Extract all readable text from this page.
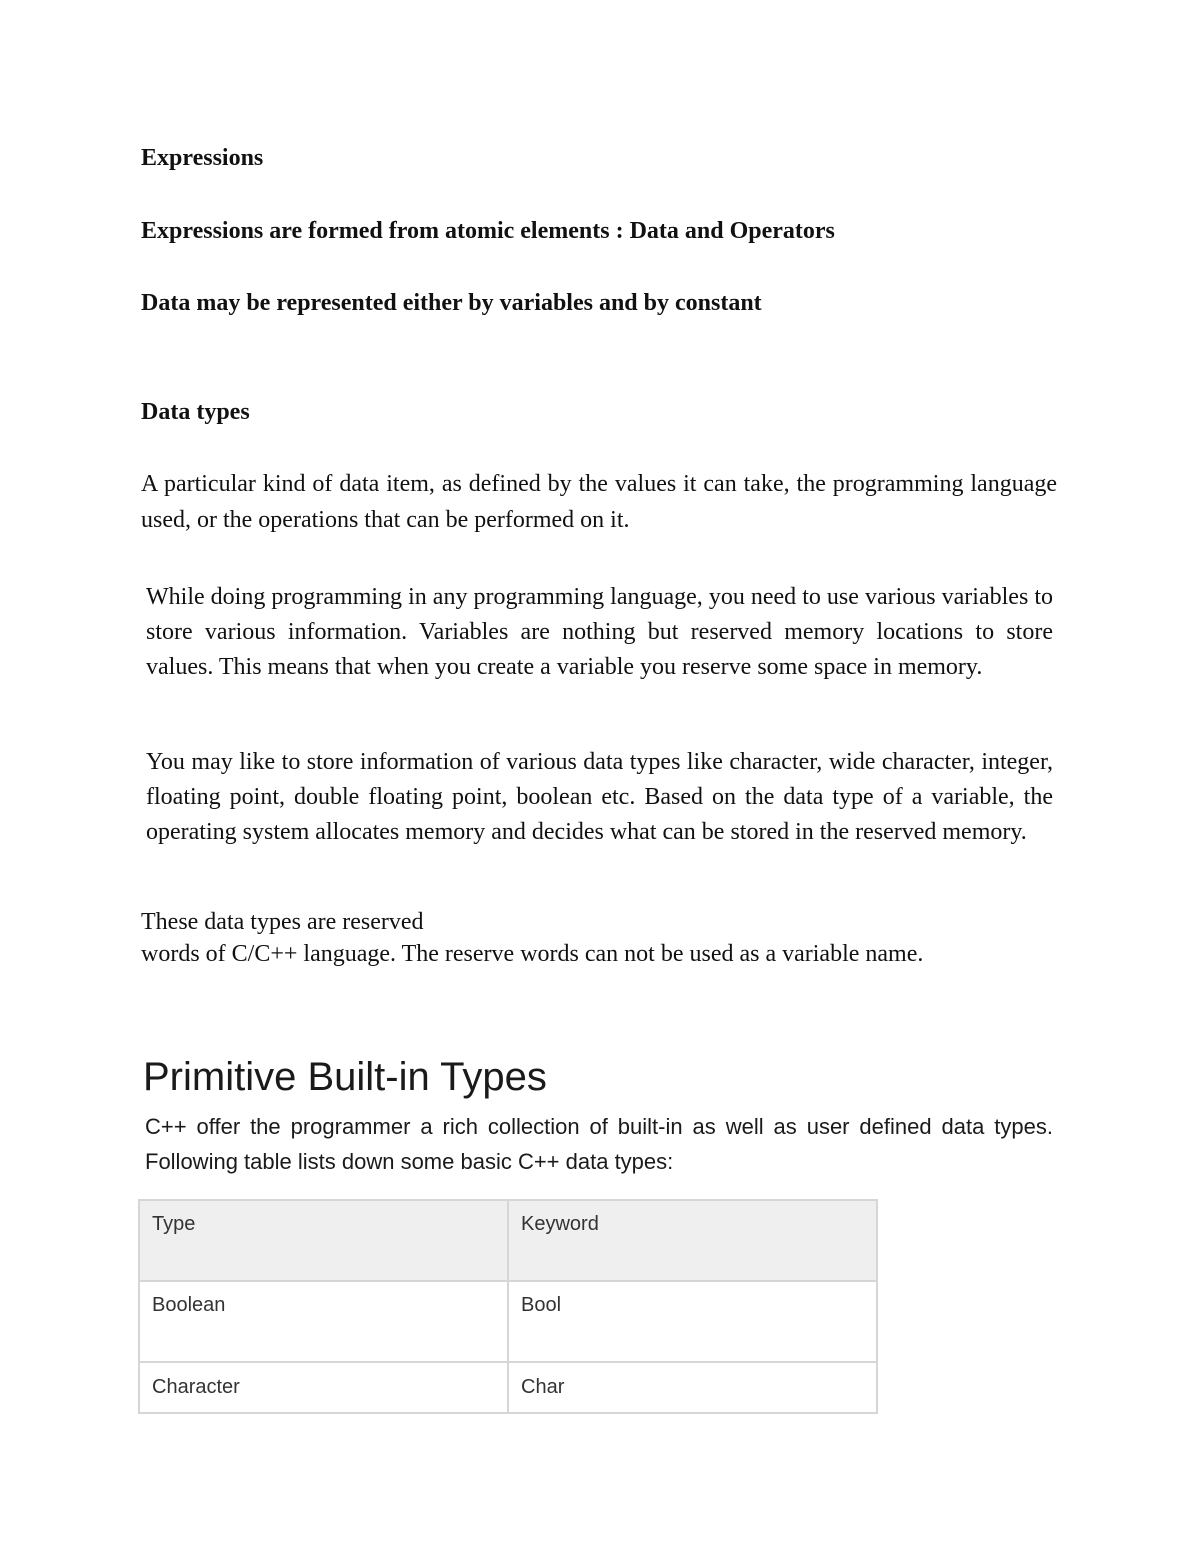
Expressions

Expressions are formed from atomic elements : Data and Operators

Data may be represented either by variables and by constant

Data types

A particular kind of data item, as defined by the values it can take, the programming language used, or the operations that can be performed on it.

While doing programming in any programming language, you need to use various variables to store various information. Variables are nothing but reserved memory locations to store values. This means that when you create a variable you reserve some space in memory.

You may like to store information of various data types like character, wide character, integer, floating point, double floating point, boolean etc. Based on the data type of a variable, the operating system allocates memory and decides what can be stored in the reserved memory.

These data types are reserved

words of C/C++ language. The reserve words can not be used as a variable name.

Primitive Built-in Types

C++ offer the programmer a rich collection of built-in as well as user defined data types. Following table lists down some basic C++ data types:

Type	Keyword
Boolean	Bool
Character	Char
